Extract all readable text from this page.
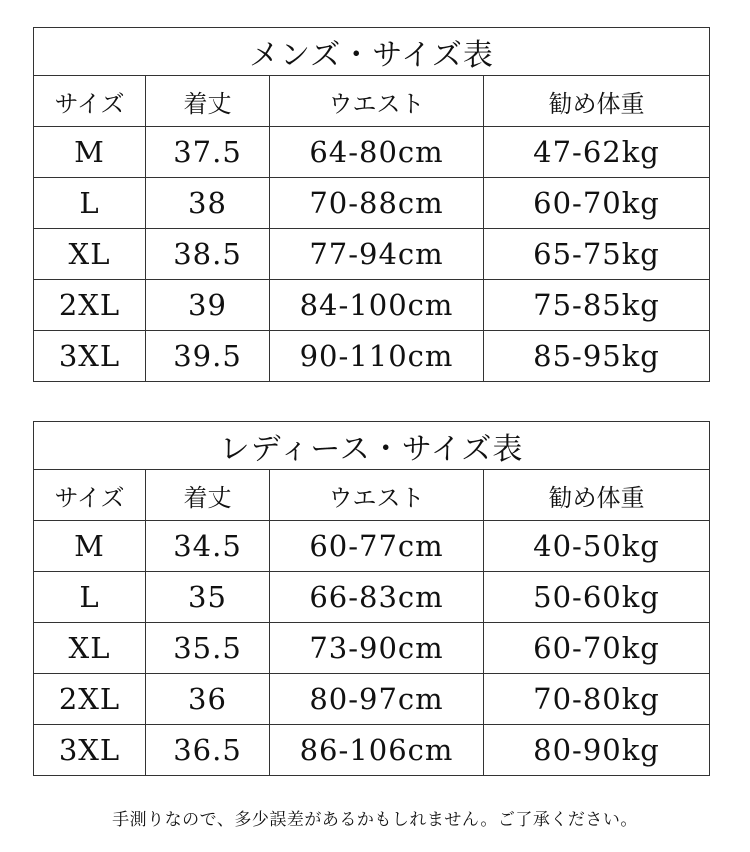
メンズ・サイズ表			
サイズ	着丈	ウエスト	勧め体重
M	37.5	64-80cm	47-62kg
L	38	70-88cm	60-70kg
XL	38.5	77-94cm	65-75kg
2XL	39	84-100cm	75-85kg
3XL	39.5	90-110cm	85-95kg
レディース・サイズ表			
サイズ	着丈	ウエスト	勧め体重
M	34.5	60-77cm	40-50kg
L	35	66-83cm	50-60kg
XL	35.5	73-90cm	60-70kg
2XL	36	80-97cm	70-80kg
3XL	36.5	86-106cm	80-90kg
手測りなので、多少誤差があるかもしれません。ご了承ください。
